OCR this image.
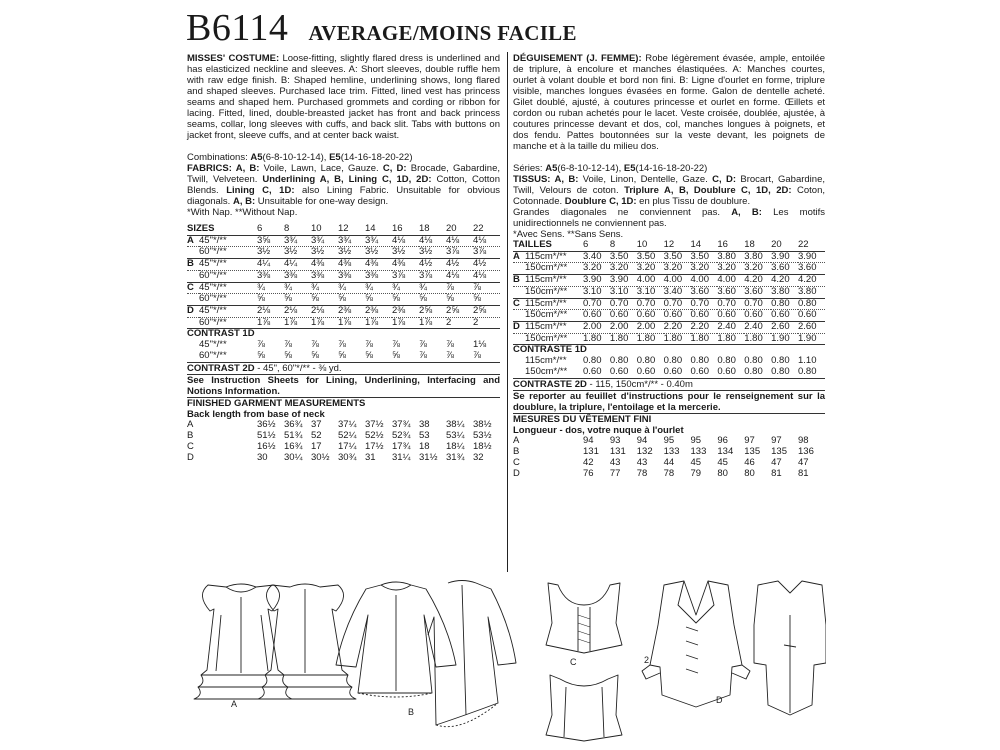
B6114 AVERAGE/MOINS FACILE

MISSES' COSTUME: Loose-fitting, slightly flared dress is underlined and has elasticized neckline and sleeves. A: Short sleeves, double ruffle hem with raw edge finish. B: Shaped hemline, underlining shows, long flared and shaped sleeves. Purchased lace trim. Fitted, lined vest has princess seams and shaped hem. Purchased grommets and cording or ribbon for lacing. Fitted, lined, double-breasted jacket has front and back princess seams, collar, long sleeves with cuffs, and back slit. Tabs with buttons on jacket front, sleeve cuffs, and at center back waist.

Combinations: A5(6-8-10-12-14), E5(14-16-18-20-22)

FABRICS: A, B: Voile, Lawn, Lace, Gauze. C, D: Brocade, Gabardine, Twill, Velveteen. Underlining A, B, Lining C, 1D, 2D: Cotton, Cotton Blends. Lining C, 1D: also Lining Fabric. Unsuitable for obvious diagonals. A, B: Unsuitable for one-way design.

*With Nap. **Without Nap.

SIZES		6	8	10	12	14	16	18	20	22
A	45"*/**	3⅝	3¾	3¾	3¾	3¾	4⅛	4⅛	4⅛	4⅛
	60"*/**	3½	3½	3½	3½	3½	3½	3½	3⅞	3⅞
B	45"*/**	4¼	4¼	4⅜	4⅜	4⅜	4⅜	4½	4½	4½
	60"*/**	3⅜	3⅜	3⅜	3⅜	3⅜	3⅞	3⅞	4⅛	4⅛
C	45"*/**	¾	¾	¾	¾	¾	¾	¾	⅞	⅞
	60"*/**	⅝	⅝	⅝	⅝	⅝	⅝	⅝	⅝	⅝
D	45"*/**	2⅛	2⅛	2⅛	2⅜	2⅜	2⅜	2⅝	2⅝	2⅝
	60"*/**	1⅞	1⅞	1⅞	1⅞	1⅞	1⅞	1⅞	2	2
CONTRAST 1D										
	45"*/**	⅞	⅞	⅞	⅞	⅞	⅞	⅞	⅞	1⅛
	60"*/**	⅝	⅝	⅝	⅝	⅝	⅝	⅞	⅞	⅞

CONTRAST 2D - 45", 60"*/** - ⅜ yd.

See Instruction Sheets for Lining, Underlining, Interfacing and Notions Information.

FINISHED GARMENT MEASUREMENTS

Back length from base of neck

A	36½	36¾	37	37¼	37½	37¾	38	38¼	38½
B	51½	51¾	52	52¼	52½	52¾	53	53¼	53½
C	16½	16¾	17	17¼	17½	17¾	18	18¼	18½
D	30	30¼	30½	30¾	31	31¼	31½	31¾	32

DÉGUISEMENT (J. FEMME): Robe légèrement évasée, ample, entoilée de triplure, à encolure et manches élastiquées. A: Manches courtes, ourlet à volant double et bord non fini. B: Ligne d'ourlet en forme, triplure visible, manches longues évasées en forme. Galon de dentelle acheté. Gilet doublé, ajusté, à coutures princesse et ourlet en forme. Œillets et cordon ou ruban achetés pour le lacet. Veste croisée, doublée, ajustée, à coutures princesse devant et dos, col, manches longues à poignets, et dos fendu. Pattes boutonnées sur la veste devant, les poignets de manche et à la taille du milieu dos.

Séries: A5(6-8-10-12-14), E5(14-16-18-20-22)

TISSUS: A, B: Voile, Linon, Dentelle, Gaze. C, D: Brocart, Gabardine, Twill, Velours de coton. Triplure A, B, Doublure C, 1D, 2D: Coton, Cotonnade. Doublure C, 1D: en plus Tissu de doublure.

Grandes diagonales ne conviennent pas. A, B: Les motifs unidirectionnels ne conviennent pas.

*Avec Sens. **Sans Sens.

TAILLES		6	8	10	12	14	16	18	20	22
A	115cm*/**	3.40	3.50	3.50	3.50	3.50	3.80	3.80	3.90	3.90
	150cm*/**	3.20	3.20	3.20	3.20	3.20	3.20	3.20	3.60	3.60
B	115cm*/**	3.90	3.90	4.00	4.00	4.00	4.00	4.20	4.20	4.20
	150cm*/**	3.10	3.10	3.10	3.40	3.60	3.60	3.60	3.80	3.80
C	115cm*/**	0.70	0.70	0.70	0.70	0.70	0.70	0.70	0.80	0.80
	150cm*/**	0.60	0.60	0.60	0.60	0.60	0.60	0.60	0.60	0.60
D	115cm*/**	2.00	2.00	2.00	2.20	2.20	2.40	2.40	2.60	2.60
	150cm*/**	1.80	1.80	1.80	1.80	1.80	1.80	1.80	1.90	1.90
CONTRASTE 1D										
	115cm*/**	0.80	0.80	0.80	0.80	0.80	0.80	0.80	0.80	1.10
	150cm*/**	0.60	0.60	0.60	0.60	0.60	0.60	0.80	0.80	0.80

CONTRASTE 2D - 115, 150cm*/** - 0.40m

Se reporter au feuillet d'instructions pour le renseignement sur la doublure, la triplure, l'entoilage et la mercerie.

MESURES DU VÊTEMENT FINI

Longueur - dos, votre nuque à l'ourlet

A	94	93	94	95	95	96	97	97	98
B	131	131	132	133	133	134	135	135	136
C	42	43	43	44	45	45	46	47	47
D	76	77	78	78	79	80	80	81	81
A
B
C	2
D
